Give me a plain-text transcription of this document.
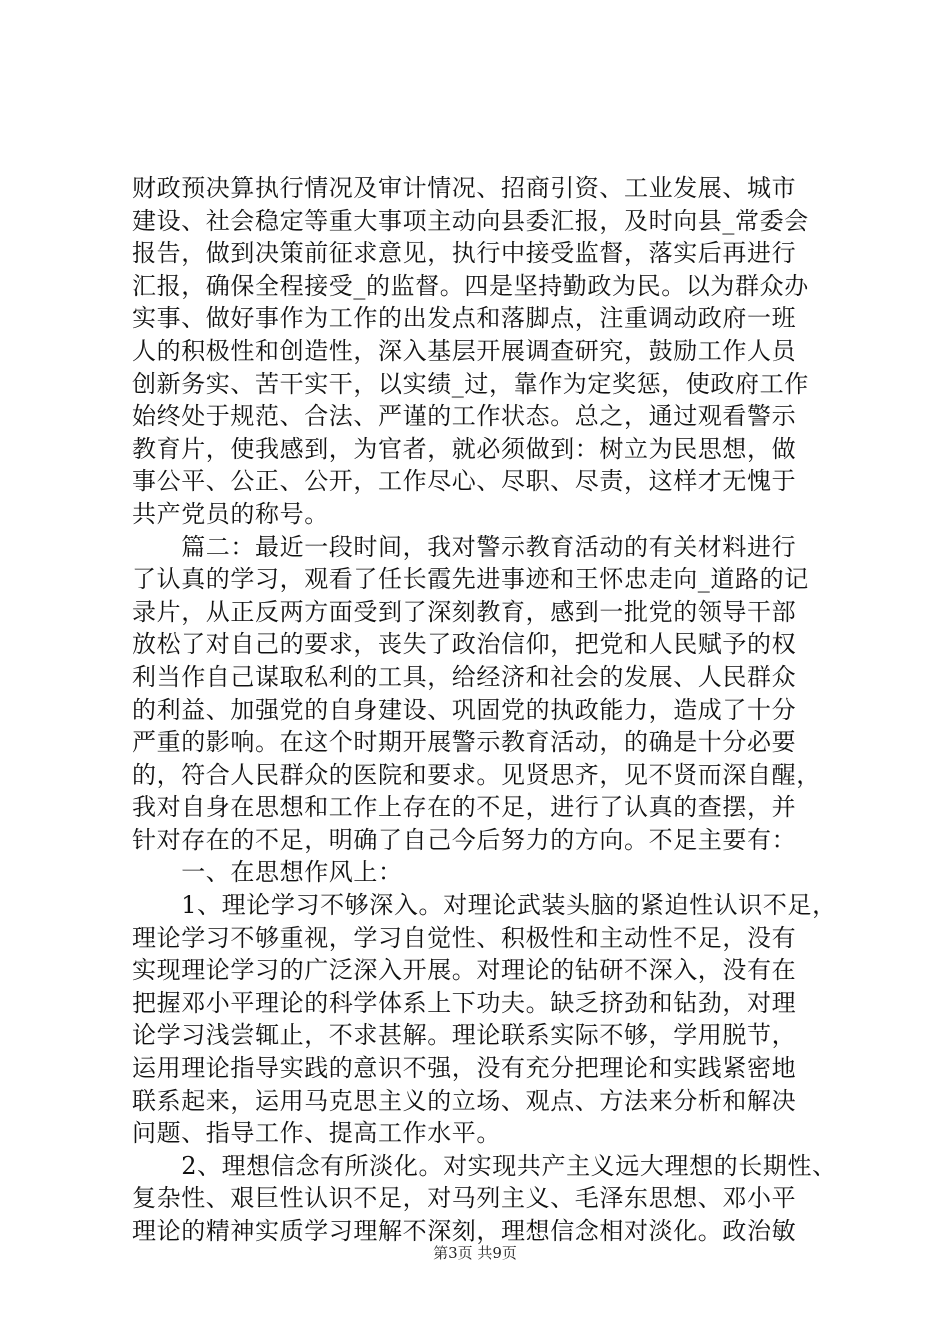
财政预决算执行情况及审计情况、招商引资、工业发展、城市
建设、社会稳定等重大事项主动向县委汇报，及时向县_常委会
报告，做到决策前征求意见，执行中接受监督，落实后再进行
汇报，确保全程接受_的监督。四是坚持勤政为民。以为群众办
实事、做好事作为工作的出发点和落脚点，注重调动政府一班
人的积极性和创造性，深入基层开展调查研究，鼓励工作人员
创新务实、苦干实干，以实绩_过，靠作为定奖惩，使政府工作
始终处于规范、合法、严谨的工作状态。总之，通过观看警示
教育片，使我感到，为官者，就必须做到：树立为民思想，做
事公平、公正、公开，工作尽心、尽职、尽责，这样才无愧于
共产党员的称号。
　　篇二：最近一段时间，我对警示教育活动的有关材料进行
了认真的学习，观看了任长霞先进事迹和王怀忠走向_道路的记
录片，从正反两方面受到了深刻教育，感到一批党的领导干部
放松了对自己的要求，丧失了政治信仰，把党和人民赋予的权
利当作自己谋取私利的工具，给经济和社会的发展、人民群众
的利益、加强党的自身建设、巩固党的执政能力，造成了十分
严重的影响。在这个时期开展警示教育活动，的确是十分必要
的，符合人民群众的医院和要求。见贤思齐，见不贤而深自醒，
我对自身在思想和工作上存在的不足，进行了认真的查摆，并
针对存在的不足，明确了自己今后努力的方向。不足主要有：
　　一、在思想作风上：
　　1、理论学习不够深入。对理论武装头脑的紧迫性认识不足，
理论学习不够重视，学习自觉性、积极性和主动性不足，没有
实现理论学习的广泛深入开展。对理论的钻研不深入，没有在
把握邓小平理论的科学体系上下功夫。缺乏挤劲和钻劲，对理
论学习浅尝辄止，不求甚解。理论联系实际不够，学用脱节，
运用理论指导实践的意识不强，没有充分把理论和实践紧密地
联系起来，运用马克思主义的立场、观点、方法来分析和解决
问题、指导工作、提高工作水平。
　　2、理想信念有所淡化。对实现共产主义远大理想的长期性、
复杂性、艰巨性认识不足，对马列主义、毛泽东思想、邓小平
理论的精神实质学习理解不深刻，理想信念相对淡化。政治敏
第3页 共9页
